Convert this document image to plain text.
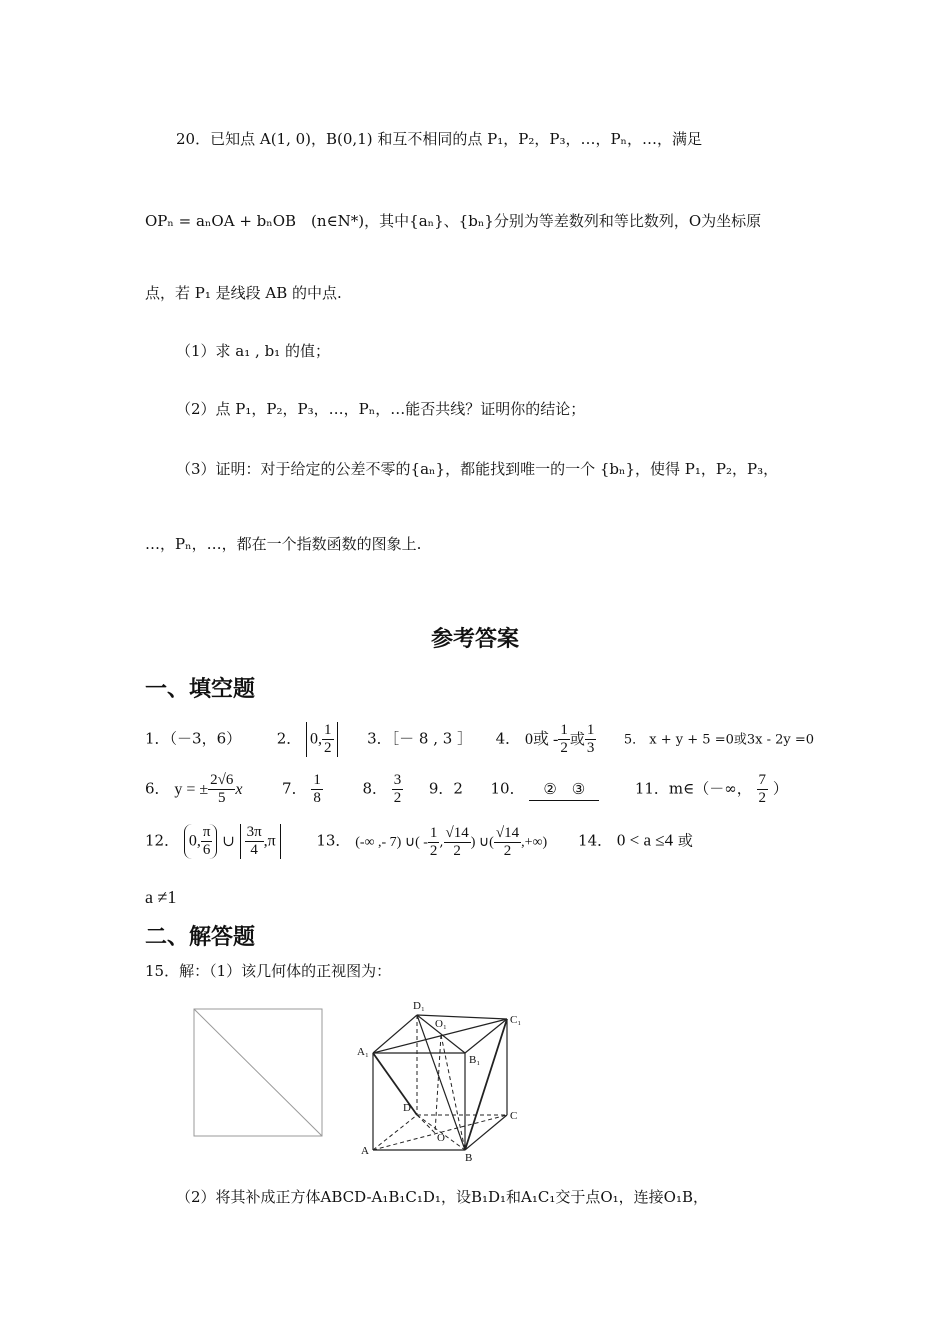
20．已知点 A(1, 0)，B(0,1) 和互不相同的点 P₁，P₂，P₃，…，Pₙ，…，满足
OPₙ = aₙOA + bₙOB　(n∈N*)，其中{aₙ}、{bₙ}分别为等差数列和等比数列，O为坐标原
点，若 P₁ 是线段 AB 的中点.
（1）求 a₁ , b₁ 的值；
（2）点 P₁，P₂，P₃，…，Pₙ，…能否共线？证明你的结论；
（3）证明：对于给定的公差不零的{aₙ}，都能找到唯一的一个 {bₙ}，使得 P₁，P₂，P₃，
…，Pₙ，…，都在一个指数函数的图象上.
参考答案
一、填空题
1．（－3，6） 2． 0, $\frac{1}{2} 3$．［－ 8 , 3 ］ 4． 0或 - $\frac{1}{2}$ 或 $\frac{1}{3} 5$． x + y + 5 =0或3x - 2y =0
6． y = ± $\frac{2√6}{5}$ x	7． $\frac{1}{8}$	8． $\frac{3}{2} 9$．2 10． ②　③	11．m∈（－∞， $\frac{7}{2}$ ）
12． 0, $\frac{\pi}{6}$ ∪ $\frac{3\pi}{4} ,\pi$	13． (-∞ ,- 7) ∪( - $\frac{1}{2}$ , $\frac{√14}{2}$ ) ∪( $\frac{√14}{2}$ ,+∞) 14． 0 < a ≤4 或
a ≠1
二、解答题
15．解：（1）该几何体的正视图为：
D₁
O₁	C₁
A₁
B₁
D
C
O
A
B
（2）将其补成正方体ABCD-A₁B₁C₁D₁，设B₁D₁和A₁C₁交于点O₁，连接O₁B，
